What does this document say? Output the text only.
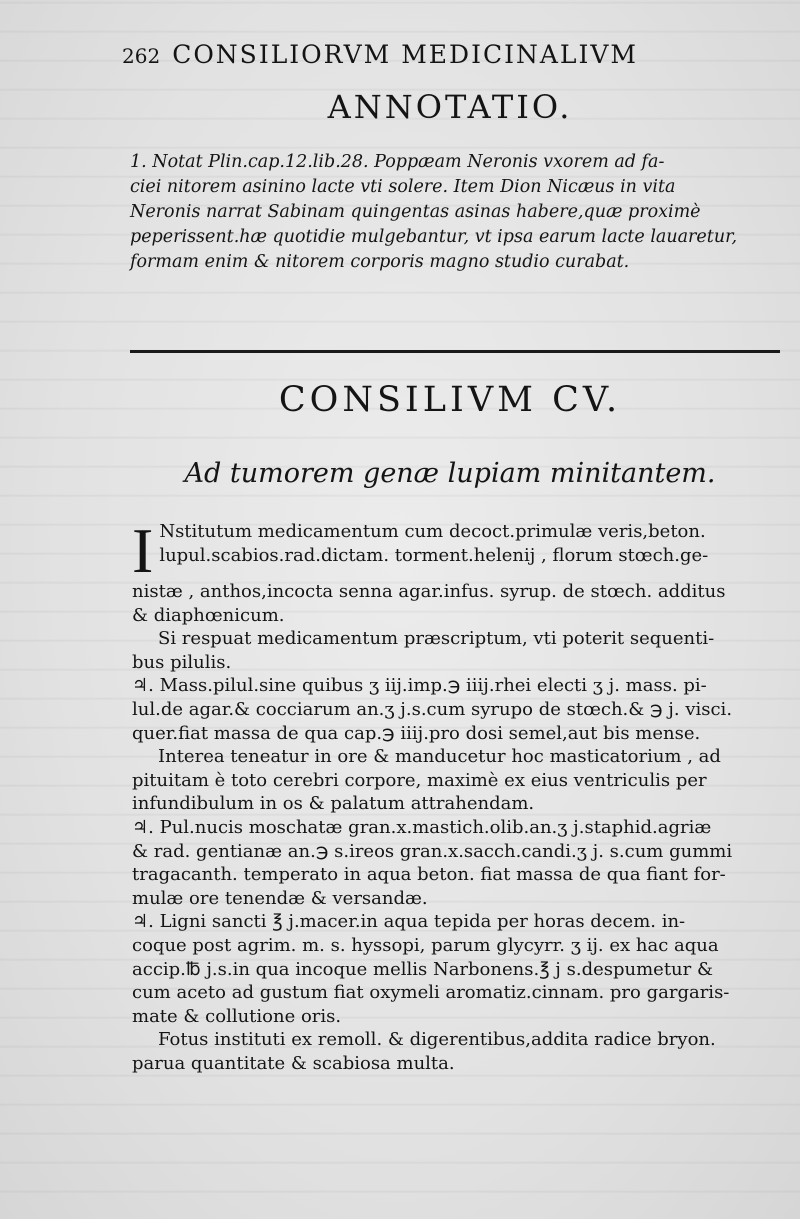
262 CONSILIORVM MEDICINALIVM
ANNOTATIO.
1. Notat Plin.cap.12.lib.28. Poppæam Neronis vxorem ad fa-
ciei nitorem asinino lacte vti solere. Item Dion Nicæus in vita
Neronis narrat Sabinam quingentas asinas habere,quæ proximè
peperissent.hæ quotidie mulgebantur, vt ipsa earum lacte lauaretur,
formam enim & nitorem corporis magno studio curabat.
CONSILIVM CV.
Ad tumorem genæ lupiam minitantem.
I Nstitutum medicamentum cum decoct.primulæ veris,beton.
lupul.scabios.rad.dictam. torment.helenij , florum stœch.ge-
nistæ , anthos,incocta senna agar.infus. syrup. de stœch. additus
& diaphœnicum.
Si respuat medicamentum præscriptum, vti poterit sequenti-
bus pilulis.
♃. Mass.pilul.sine quibus ʒ iij.imp.℈ iiij.rhei electi ʒ j. mass. pi-
lul.de agar.& cocciarum an.ʒ j.s.cum syrupo de stœch.& ℈ j. visci.
quer.fiat massa de qua cap.℈ iiij.pro dosi semel,aut bis mense.
Interea teneatur in ore & manducetur hoc masticatorium , ad
pituitam è toto cerebri corpore, maximè ex eius ventriculis per
infundibulum in os & palatum attrahendam.
♃. Pul.nucis moschatæ gran.x.mastich.olib.an.ʒ j.staphid.agriæ
& rad. gentianæ an.℈ s.ireos gran.x.sacch.candi.ʒ j. s.cum gummi
tragacanth. temperato in aqua beton. fiat massa de qua fiant for-
mulæ ore tenendæ & versandæ.
♃. Ligni sancti ℥ j.macer.in aqua tepida per horas decem. in-
coque post agrim. m. s. hyssopi, parum glycyrr. ʒ ij. ex hac aqua
accip.℔ j.s.in qua incoque mellis Narbonens.℥ j s.despumetur &
cum aceto ad gustum fiat oxymeli aromatiz.cinnam. pro gargaris-
mate & collutione oris.
Fotus instituti ex remoll. & digerentibus,addita radice bryon.
parua quantitate & scabiosa multa.
